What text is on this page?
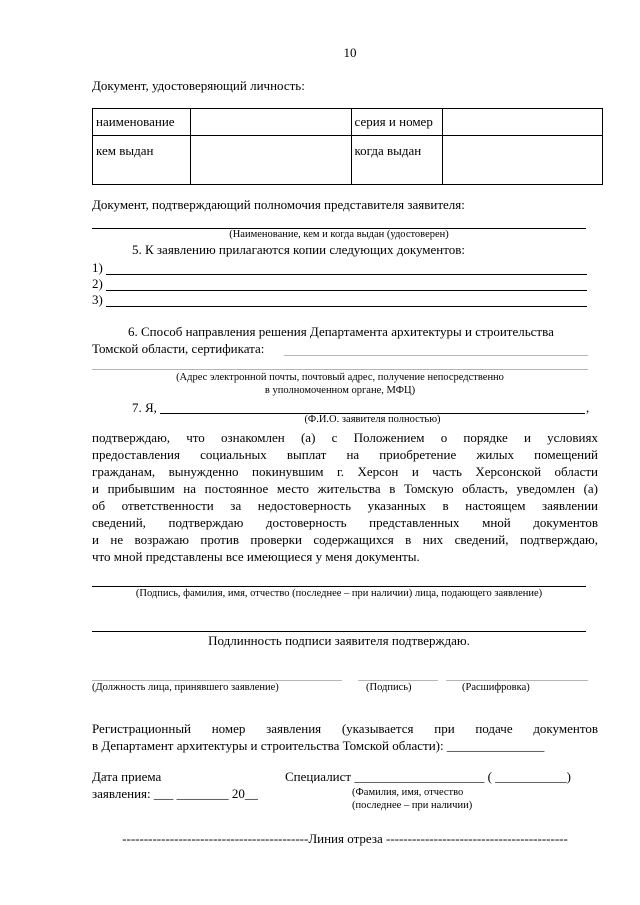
10
Документ, удостоверяющий личность:
наименование		серия и номер	
кем выдан		когда выдан	
Документ, подтверждающий полномочия представителя заявителя:
(Наименование, кем и когда выдан (удостоверен)
5. К заявлению прилагаются копии следующих документов:
1)
2)
3)
6. Способ направления решения Департамента архитектуры и строительства
Томской области, сертификата:
(Адрес электронной почты, почтовый адрес, получение непосредственно
в уполномоченном органе, МФЦ)
7. Я,	,
(Ф.И.О. заявителя полностью)
подтверждаю, что ознакомлен (а) с Положением о порядке и условиях
предоставления социальных выплат на приобретение жилых помещений
гражданам, вынужденно покинувшим г. Херсон и часть Херсонской области
и прибывшим на постоянное место жительства в Томскую область, уведомлен (а)
об ответственности за недостоверность указанных в настоящем заявлении
сведений, подтверждаю достоверность представленных мной документов
и не возражаю против проверки содержащихся в них сведений, подтверждаю,
что мной представлены все имеющиеся у меня документы.
(Подпись, фамилия, имя, отчество (последнее – при наличии) лица, подающего заявление)
Подлинность подписи заявителя подтверждаю.
(Должность лица, принявшего заявление)	(Подпись)	(Расшифровка)
Регистрационный номер заявления (указывается при подаче документов
в Департамент архитектуры и строительства Томской области): _______________
Дата приема
заявления: ___ ________ 20__
Специалист ____________________ ( ___________)
(Фамилия, имя, отчество
(последнее – при наличии)
-------------------------------------------Линия отреза ------------------------------------------
